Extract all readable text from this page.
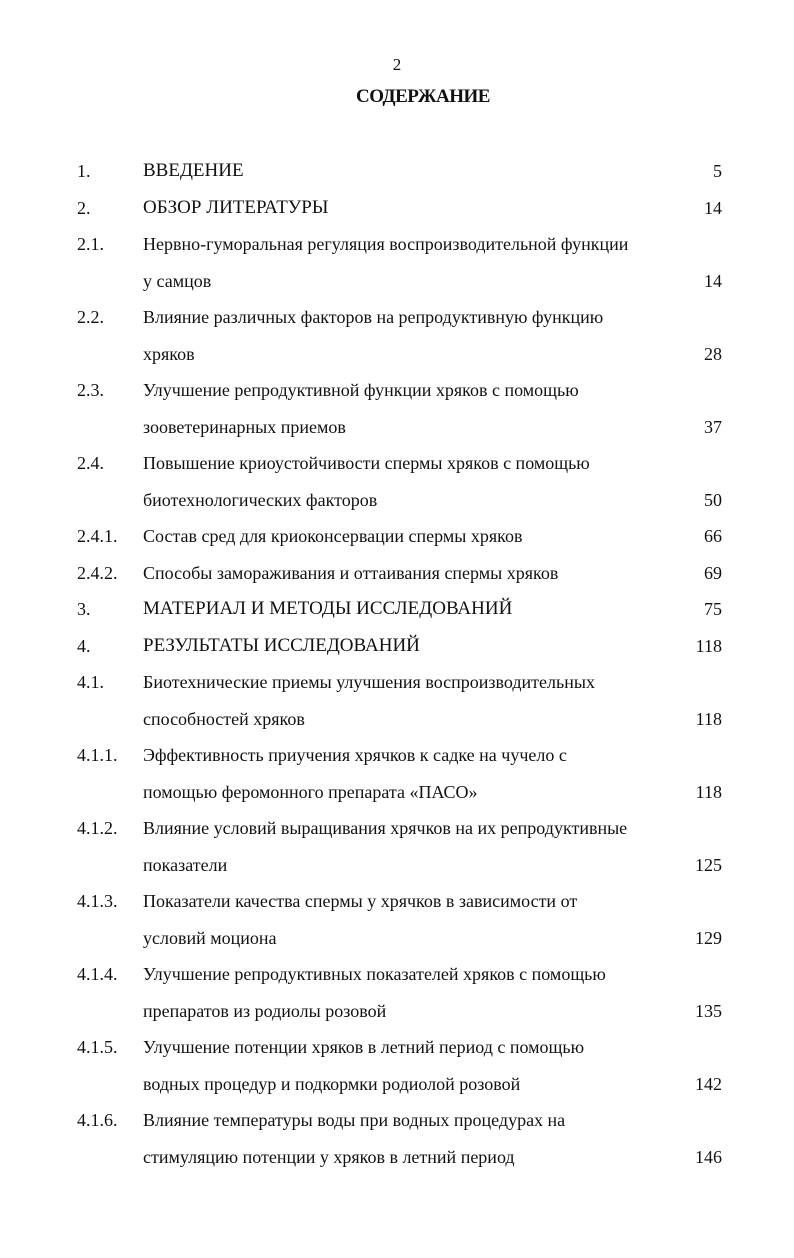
2
СОДЕРЖАНИЕ
1.	ВВЕДЕНИЕ	5
2.	ОБЗОР ЛИТЕРАТУРЫ	14
2.1. Нервно-гуморальная регуляция воспроизводительной функции
у самцов	14
2.2. Влияние различных факторов на репродуктивную функцию
хряков	28
2.3. Улучшение репродуктивной функции хряков с помощью
зооветеринарных приемов	37
2.4. Повышение криоустойчивости спермы хряков с помощью
биотехнологических факторов	50
2.4.1. Состав сред для криоконсервации спермы хряков	66
2.4.2. Способы замораживания и оттаивания спермы хряков	69
3.	МАТЕРИАЛ И МЕТОДЫ ИССЛЕДОВАНИЙ	75
4.	РЕЗУЛЬТАТЫ ИССЛЕДОВАНИЙ	118
4.1. Биотехнические приемы улучшения воспроизводительных
способностей хряков	118
4.1.1. Эффективность приучения хрячков к садке на чучело с
помощью феромонного препарата «ПАСО»	118
4.1.2. Влияние условий выращивания хрячков на их репродуктивные
показатели	125
4.1.3. Показатели качества спермы у хрячков в зависимости от
условий моциона	129
4.1.4. Улучшение репродуктивных показателей хряков с помощью
препаратов из родиолы розовой	135
4.1.5. Улучшение потенции хряков в летний период с помощью
водных процедур и подкормки родиолой розовой	142
4.1.6. Влияние температуры воды при водных процедурах на
стимуляцию потенции у хряков в летний период	146
